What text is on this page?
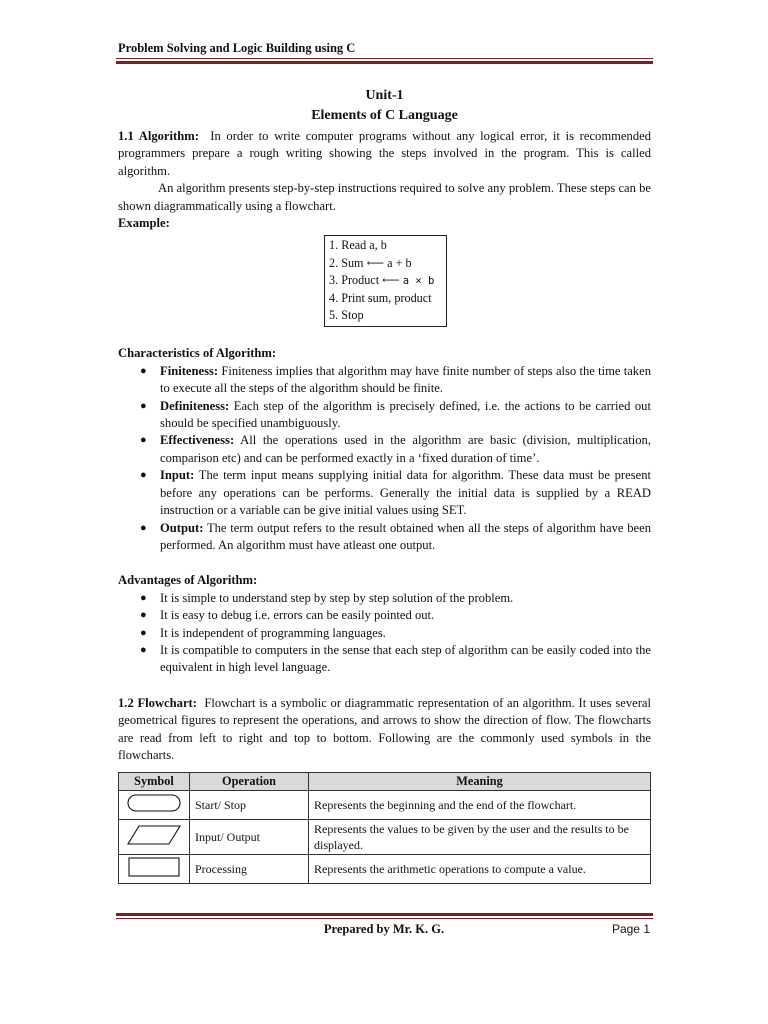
Problem Solving and Logic Building using C
Unit-1
Elements of C Language

1.1 Algorithm: In order to write computer programs without any logical error, it is recommended programmers prepare a rough writing showing the steps involved in the program. This is called algorithm.

An algorithm presents step-by-step instructions required to solve any problem. These steps can be shown diagrammatically using a flowchart.

Example:

1. Read a, b
2. Sum ⟵ a + b
3. Product ⟵ a × b
4. Print sum, product
5. Stop

Characteristics of Algorithm:

● Finiteness: Finiteness implies that algorithm may have finite number of steps also the time taken to execute all the steps of the algorithm should be finite.
● Definiteness: Each step of the algorithm is precisely defined, i.e. the actions to be carried out should be specified unambiguously.
● Effectiveness: All the operations used in the algorithm are basic (division, multiplication, comparison etc) and can be performed exactly in a ‘fixed duration of time’.
● Input: The term input means supplying initial data for algorithm. These data must be present before any operations can be performs. Generally the initial data is supplied by a READ instruction or a variable can be give initial values using SET.
● Output: The term output refers to the result obtained when all the steps of algorithm have been performed. An algorithm must have atleast one output.

Advantages of Algorithm:

● It is simple to understand step by step by step solution of the problem.
● It is easy to debug i.e. errors can be easily pointed out.
● It is independent of programming languages.
● It is compatible to computers in the sense that each step of algorithm can be easily coded into the equivalent in high level language.

1.2 Flowchart: Flowchart is a symbolic or diagrammatic representation of an algorithm. It uses several geometrical figures to represent the operations, and arrows to show the direction of flow. The flowcharts are read from left to right and top to bottom. Following are the commonly used symbols in the flowcharts.

Symbol	Operation	Meaning
	Start/ Stop	Represents the beginning and the end of the flowchart.
	Input/ Output	Represents the values to be given by the user and the results to be displayed.
	Processing	Represents the arithmetic operations to compute a value.
Prepared by Mr. K. G.	Page 1
